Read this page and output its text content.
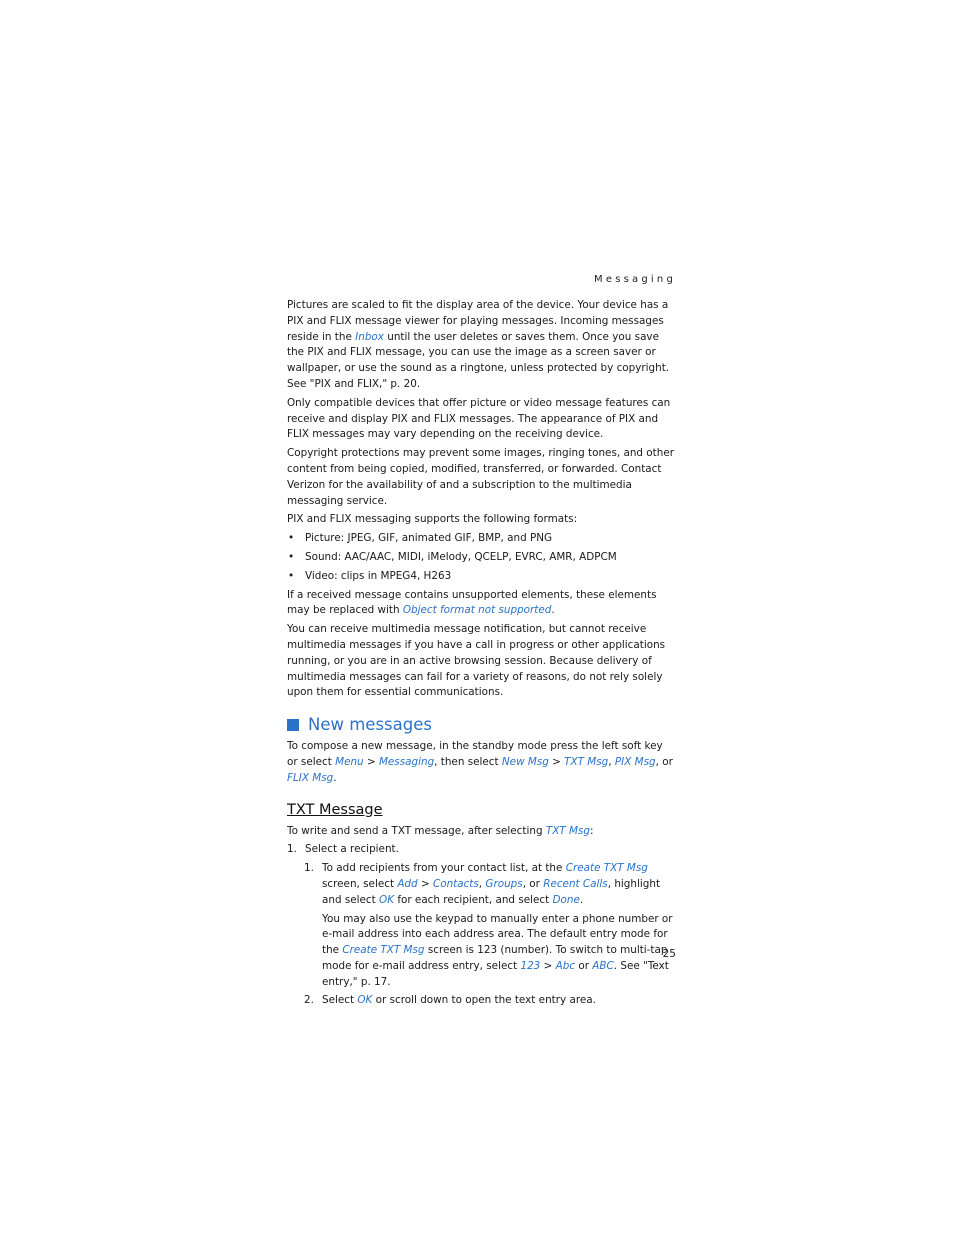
Messaging

Pictures are scaled to fit the display area of the device. Your device has a PIX and FLIX message viewer for playing messages. Incoming messages reside in the Inbox until the user deletes or saves them. Once you save the PIX and FLIX message, you can use the image as a screen saver or wallpaper, or use the sound as a ringtone, unless protected by copyright. See "PIX and FLIX," p. 20.

Only compatible devices that offer picture or video message features can receive and display PIX and FLIX messages. The appearance of PIX and FLIX messages may vary depending on the receiving device.

Copyright protections may prevent some images, ringing tones, and other content from being copied, modified, transferred, or forwarded. Contact Verizon for the availability of and a subscription to the multimedia messaging service.

PIX and FLIX messaging supports the following formats:

• Picture: JPEG, GIF, animated GIF, BMP, and PNG
• Sound: AAC/AAC, MIDI, iMelody, QCELP, EVRC, AMR, ADPCM
• Video: clips in MPEG4, H263

If a received message contains unsupported elements, these elements may be replaced with Object format not supported.

You can receive multimedia message notification, but cannot receive multimedia messages if you have a call in progress or other applications running, or you are in an active browsing session. Because delivery of multimedia messages can fail for a variety of reasons, do not rely solely upon them for essential communications.

New messages

To compose a new message, in the standby mode press the left soft key or select Menu > Messaging, then select New Msg > TXT Msg, PIX Msg, or FLIX Msg.

TXT Message

To write and send a TXT message, after selecting TXT Msg:

1. Select a recipient.
1. To add recipients from your contact list, at the Create TXT Msg screen, select Add > Contacts, Groups, or Recent Calls, highlight and select OK for each recipient, and select Done.

You may also use the keypad to manually enter a phone number or e-mail address into each address area. The default entry mode for the Create TXT Msg screen is 123 (number). To switch to multi-tap mode for e-mail address entry, select 123 > Abc or ABC. See "Text entry," p. 17.

2. Select OK or scroll down to open the text entry area.
25
